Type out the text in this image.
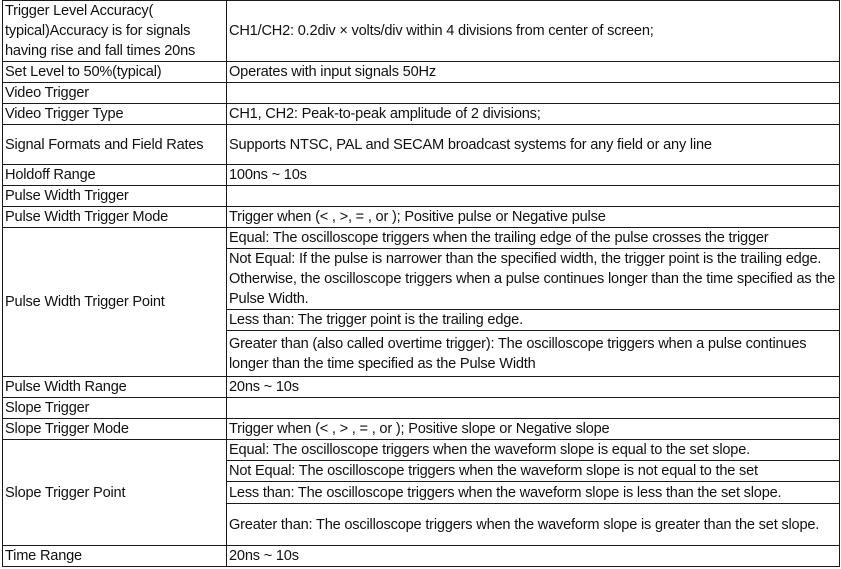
Trigger Level Accuracy( typical)Accuracy is for signals having rise and fall times 20ns	CH1/CH2: 0.2div × volts/div within 4 divisions from center of screen;
Set Level to 50%(typical)	Operates with input signals 50Hz
Video Trigger	
Video Trigger Type	CH1, CH2: Peak-to-peak amplitude of 2 divisions;
Signal Formats and Field Rates	Supports NTSC, PAL and SECAM broadcast systems for any field or any line
Holdoff Range	100ns ~ 10s
Pulse Width Trigger	
Pulse Width Trigger Mode	Trigger when (< , >, = , or ); Positive pulse or Negative pulse
Pulse Width Trigger Point	Equal: The oscilloscope triggers when the trailing edge of the pulse crosses the trigger
	Not Equal: If the pulse is narrower than the specified width, the trigger point is the trailing edge. Otherwise, the oscilloscope triggers when a pulse continues longer than the time specified as the Pulse Width.
	Less than: The trigger point is the trailing edge.
	Greater than (also called overtime trigger): The oscilloscope triggers when a pulse continues longer than the time specified as the Pulse Width
Pulse Width Range	20ns ~ 10s
Slope Trigger	
Slope Trigger Mode	Trigger when (< , > , = , or ); Positive slope or Negative slope
Slope Trigger Point	Equal: The oscilloscope triggers when the waveform slope is equal to the set slope.
	Not Equal: The oscilloscope triggers when the waveform slope is not equal to the set
	Less than: The oscilloscope triggers when the waveform slope is less than the set slope.
	Greater than: The oscilloscope triggers when the waveform slope is greater than the set slope.
Time Range	20ns ~ 10s
